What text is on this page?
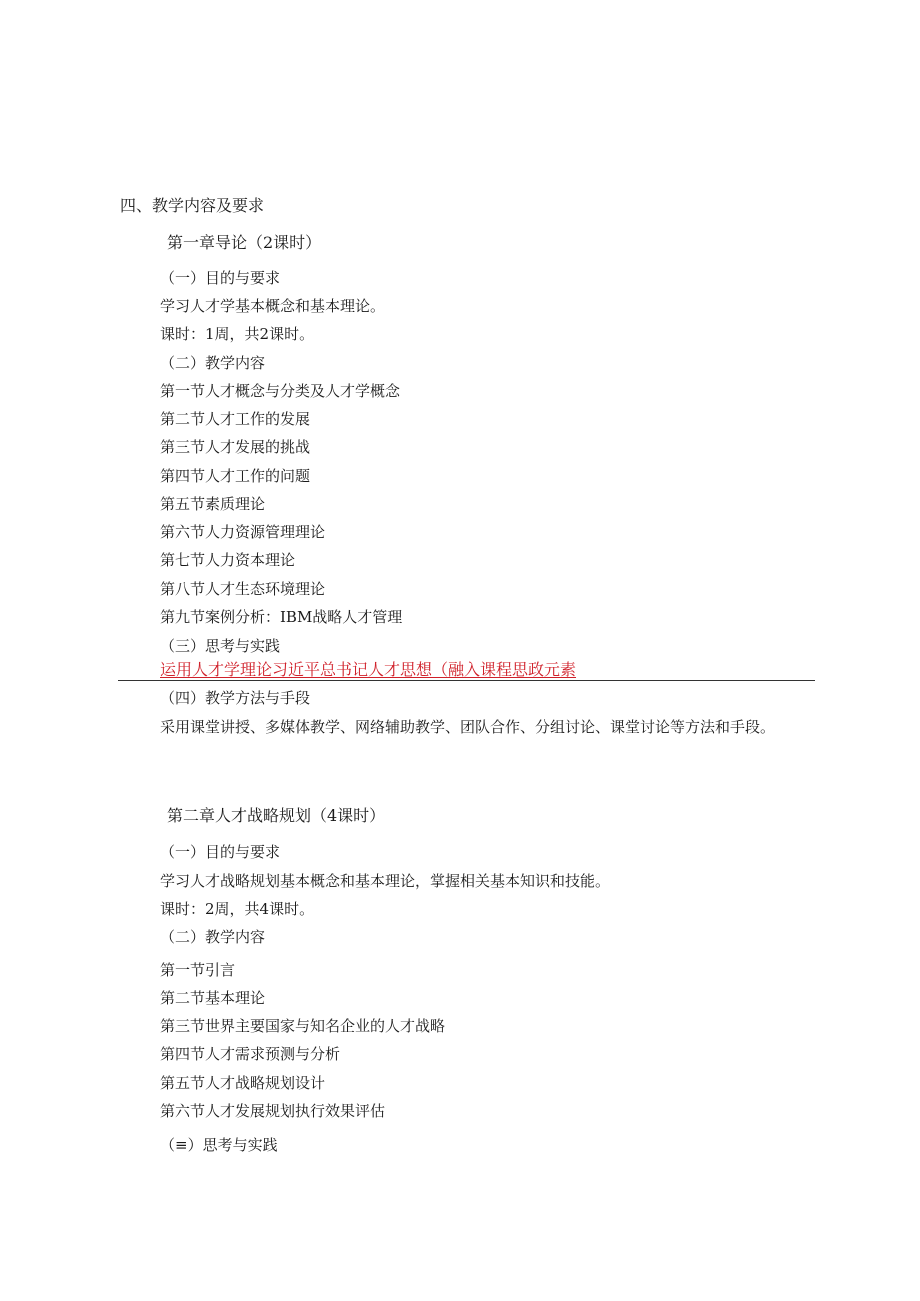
四、教学内容及要求
第一章导论（2课时）
（一）目的与要求
学习人才学基本概念和基本理论。
课时：1周，共2课时。
（二）教学内容
第一节人才概念与分类及人才学概念
第二节人才工作的发展
第三节人才发展的挑战
第四节人才工作的问题
第五节素质理论
第六节人力资源管理理论
第七节人力资本理论
第八节人才生态环境理论
第九节案例分析：IBM战略人才管理
（三）思考与实践
运用人才学理论习近平总书记人才思想（融入课程思政元素
（四）教学方法与手段
采用课堂讲授、多媒体教学、网络辅助教学、团队合作、分组讨论、课堂讨论等方法和手段。
第二章人才战略规划（4课时）
（一）目的与要求
学习人才战略规划基本概念和基本理论，掌握相关基本知识和技能。
课时：2周，共4课时。
（二）教学内容
第一节引言
第二节基本理论
第三节世界主要国家与知名企业的人才战略
第四节人才需求预测与分析
第五节人才战略规划设计
第六节人才发展规划执行效果评估
（≡）思考与实践
